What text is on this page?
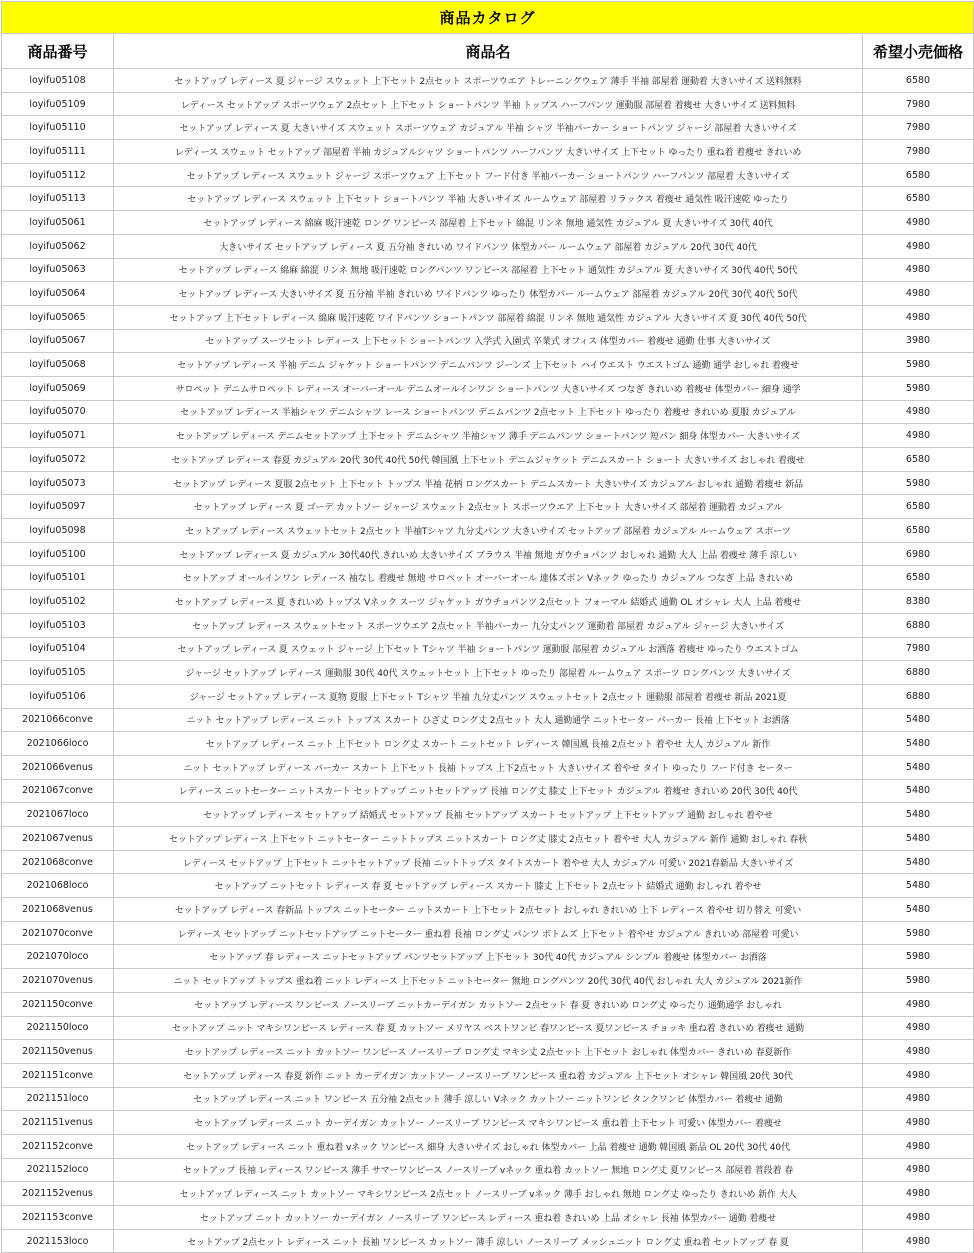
商品カタログ		
商品番号	商品名	希望小売価格
loyifu05108	セットアップ レディース 夏 ジャージ スウェット 上下セット 2点セット スポーツウエア トレーニングウェア 薄手 半袖 部屋着 運動着 大きいサイズ 送料無料	6580
loyifu05109	レディース セットアップ スポーツウェア 2点セット 上下セット ショートパンツ 半袖 トップス ハーフパンツ 運動服 部屋着 着痩せ 大きいサイズ 送料無料	7980
loyifu05110	セットアップ レディース 夏 大きいサイズ スウェット スポーツウェア カジュアル 半袖 シャツ 半袖パーカー ショートパンツ ジャージ 部屋着 大きいサイズ	7980
loyifu05111	レディース スウェット セットアップ 部屋着 半袖 カジュアルシャツ ショートパンツ ハーフパンツ 大きいサイズ 上下セット ゆったり 重ね着 着痩せ きれいめ	7980
loyifu05112	セットアップ レディース スウェット ジャージ スポーツウェア 上下セット フード付き 半袖パーカー ショートパンツ ハーフパンツ 部屋着 大きいサイズ	6580
loyifu05113	セットアップ レディース スウェット 上下セット ショートパンツ 半袖 大きいサイズ ルームウェア 部屋着 リラックス 着痩せ 通気性 吸汗速乾 ゆったり	6580
loyifu05061	セットアップ レディース 綿麻 吸汗速乾 ロング ワンピース 部屋着 上下セット 綿混 リンネ 無地 通気性 カジュアル 夏 大きいサイズ 30代 40代	4980
loyifu05062	大きいサイズ セットアップ レディース 夏 五分袖 きれいめ ワイドパンツ 体型カバー ルームウェア 部屋着 カジュアル 20代 30代 40代	4980
loyifu05063	セットアップ レディース 綿麻 綿混 リンネ 無地 吸汗速乾 ロングパンツ ワンピース 部屋着 上下セット 通気性 カジュアル 夏 大きいサイズ 30代 40代 50代	4980
loyifu05064	セットアップ レディース 大きいサイズ 夏 五分袖 半袖 きれいめ ワイドパンツ ゆったり 体型カバー ルームウェア 部屋着 カジュアル 20代 30代 40代 50代	4980
loyifu05065	セットアップ 上下セット レディース 綿麻 吸汗速乾 ワイドパンツ ショートパンツ 部屋着 綿混 リンネ 無地 通気性 カジュアル 大きいサイズ 夏 30代 40代 50代	4980
loyifu05067	セットアップ スーツセット レディース 上下セット ショートパンツ 入学式 入園式 卒業式 オフィス 体型カバー 着痩せ 通勤 仕事 大きいサイズ	3980
loyifu05068	セットアップ レディース 半袖 デニム ジャケット ショートパンツ デニムパンツ ジーンズ 上下セット ハイウエスト ウエストゴム 通勤 通学 おしゃれ 着痩せ	5980
loyifu05069	サロペット デニムサロペット レディース オーバーオール デニムオールインワン ショートパンツ 大きいサイズ つなぎ きれいめ 着痩せ 体型カバー 細身 通学	5980
loyifu05070	セットアップ レディース 半袖シャツ デニムシャツ レース ショートパンツ デニムパンツ 2点セット 上下セット ゆったり 着痩せ きれいめ 夏服 カジュアル	4980
loyifu05071	セットアップ レディース デニムセットアップ 上下セット デニムシャツ 半袖シャツ 薄手 デニムパンツ ショートパンツ 短パン 細身 体型カバー 大きいサイズ	4980
loyifu05072	セットアップ レディース 春夏 カジュアル 20代 30代 40代 50代 韓国風 上下セット デニムジャケット デニムスカート ショート 大きいサイズ おしゃれ 着痩せ	6580
loyifu05073	セットアップ レディース 夏服 2点セット 上下セット トップス 半袖 花柄 ロングスカート デニムスカート 大きいサイズ カジュアル おしゃれ 通勤 着痩せ 新品	5980
loyifu05097	セットアップ レディース 夏 ゴーデ カットソー ジャージ スウェット 2点セット スポーツウエア 上下セット 大きいサイズ 部屋着 運動着 カジュアル	6580
loyifu05098	セットアップ レディース スウェットセット 2点セット 半袖Tシャツ 九分丈パンツ 大きいサイズ セットアップ 部屋着 カジュアル ルームウェア スポーツ	6580
loyifu05100	セットアップ レディース 夏 カジュアル 30代40代 きれいめ 大きいサイズ ブラウス 半袖 無地 ガウチョパンツ おしゃれ 通勤 大人 上品 着痩せ 薄手 涼しい	6980
loyifu05101	セットアップ オールインワン レディース 袖なし 着痩せ 無地 サロペット オーバーオール 連体ズボン Vネック ゆったり カジュアル つなぎ 上品 きれいめ	6580
loyifu05102	セットアップ レディース 夏 きれいめ トップス Vネック スーツ ジャケット ガウチョパンツ 2点セット フォーマル 結婚式 通勤 OL オシャレ 大人 上品 着痩せ	8380
loyifu05103	セットアップ レディース スウェットセット スポーツウエア 2点セット 半袖パーカー 九分丈パンツ 運動着 部屋着 カジュアル ジャージ 大きいサイズ	6880
loyifu05104	セットアップ レディース 夏 スウェット ジャージ 上下セット Tシャツ 半袖 ショートパンツ 運動服 部屋着 カジュアル お洒落 着痩せ ゆったり ウエストゴム	7980
loyifu05105	ジャージ セットアップ レディース 運動服 30代 40代 スウェットセット 上下セット ゆったり 部屋着 ルームウェア スポーツ ロングパンツ 大きいサイズ	6880
loyifu05106	ジャージ セットアップ レディース 夏物 夏服 上下セット Tシャツ 半袖 九分丈パンツ スウェットセット 2点セット 運動服 部屋着 着痩せ 新品 2021夏	6880
2021066conve	ニット セットアップ レディース ニット トップス スカート ひざ丈 ロング丈 2点セット 大人 通勤通学 ニットセーター パーカー 長袖 上下セット お洒落	5480
2021066loco	セットアップ レディース ニット 上下セット ロング丈 スカート ニットセット レディース 韓国風 長袖 2点セット 着やせ 大人 カジュアル 新作	5480
2021066venus	ニット セットアップ レディース パーカー スカート 上下セット 長袖 トップス 上下2点セット 大きいサイズ 着やせ タイト ゆったり フード付き セーター	5480
2021067conve	レディース ニットセーター ニットスカート セットアップ ニットセットアップ 長袖 ロング丈 膝丈 上下セット カジュアル 着痩せ きれいめ 20代 30代 40代	5480
2021067loco	セットアップ レディース セットアップ 結婚式 セットアップ 長袖 セットアップ スカート セットアップ 上下セットアップ 通勤 おしゃれ 着やせ	5480
2021067venus	セットアップ レディース 上下セット ニットセーター ニットトップス ニットスカート ロング丈 膝丈 2点セット 着やせ 大人 カジュアル 新作 通勤 おしゃれ 春秋	5480
2021068conve	レディース セットアップ 上下セット ニットセットアップ 長袖 ニットトップス タイトスカート 着やせ 大人 カジュアル 可愛い 2021春新品 大きいサイズ	5480
2021068loco	セットアップ ニットセット レディース 春 夏 セットアップ レディース スカート 膝丈 上下セット 2点セット 結婚式 通勤 おしゃれ 着やせ	5480
2021068venus	セットアップ レディース 春新品 トップス ニットセーター ニットスカート 上下セット 2点セット おしゃれ きれいめ 上下 レディース 着やせ 切り替え 可愛い	5480
2021070conve	レディース セットアップ ニットセットアップ ニットセーター 重ね着 長袖 ロング丈 パンツ ボトムズ 上下セット 着やせ カジュアル きれいめ 部屋着 可愛い	5980
2021070loco	セットアップ 春 レディース ニットセットアップ パンツセットアップ 上下セット 30代 40代 カジュアル シンプル 着痩せ 体型カバー お洒落	5980
2021070venus	ニット セットアップ トップス 重ね着 ニット レディース 上下セット ニットセーター 無地 ロングパンツ 20代 30代 40代 おしゃれ 大人 カジュアル 2021新作	5980
2021150conve	セットアップ レディース ワンピース ノースリーブ ニットカーデイガン カットソー 2点セット 春 夏 きれいめ ロング丈 ゆったり 通勤通学 おしゃれ	4980
2021150loco	セットアップ ニット マキシワンピース レディース 春 夏 カットソー メリヤス ベストワンピ 春ワンピース 夏ワンピース チョッキ 重ね着 きれいめ 着痩せ 通勤	4980
2021150venus	セットアップ レディース ニット カットソー ワンピース ノースリーブ ロング丈 マキシ丈 2点セット 上下セット おしゃれ 体型カバー きれいめ 春夏新作	4980
2021151conve	セットアップ レディース 春夏 新作 ニット カーデイガン カットソー ノースリーブ ワンピース 重ね着 カジュアル 上下セット オシャレ 韓国風 20代 30代	4980
2021151loco	セットアップ レディース ニット ワンピース 五分袖 2点セット 薄手 涼しい Vネック カットソー ニットワンピ タンクワンピ 体型カバー 着痩せ 通勤	4980
2021151venus	セットアップ レディース ニット カーデイガン カットソー ノースリーブ ワンピース マキシワンピース 重ね着 上下セット 可愛い 体型カバー 着痩せ	4980
2021152conve	セットアップ レディース ニット 重ね着 vネック ワンピース 細身 大きいサイズ おしゃれ 体型カバー 上品 着痩せ 通勤 韓国風 新品 OL 20代 30代 40代	4980
2021152loco	セットアップ 長袖 レディース ワンピース 薄手 サマーワンピース ノースリーブ vネック 重ね着 カットソー 無地 ロング丈 夏ワンピース 部屋着 普段着 春	4980
2021152venus	セットアップ レディース ニット カットソー マキシワンピース 2点セット ノースリーブ vネック 薄手 おしゃれ 無地 ロング丈 ゆったり きれいめ 新作 大人	4980
2021153conve	セットアップ ニット カットソー カーデイガン ノースリーブ ワンピース レディース 重ね着 きれいめ 上品 オシャレ 長袖 体型カバー 通勤 着痩せ	4980
2021153loco	セットアップ 2点セット レディース ニット 長袖 ワンピース カットソー 薄手 涼しい ノースリーブ メッシュニット ロング丈 重ね着 セットアップ 春 夏	4980
